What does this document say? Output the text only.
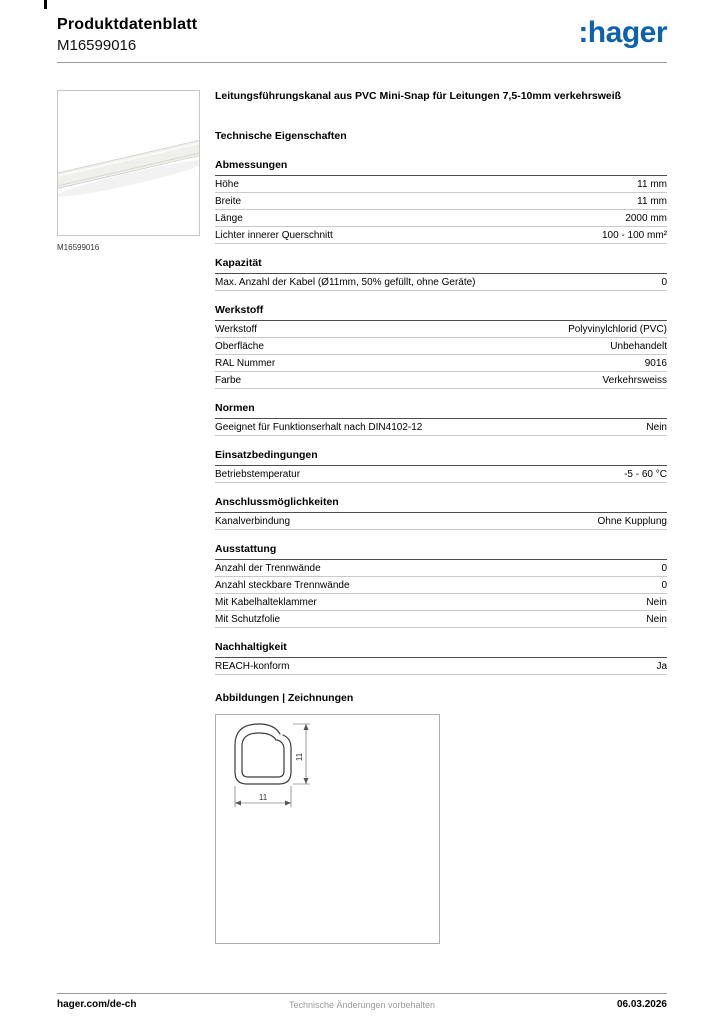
Produktdatenblatt
M16599016	:hager
M16599016
Leitungsführungskanal aus PVC Mini-Snap für Leitungen 7,5-10mm verkehrsweiß
Technische Eigenschaften
Abmessungen
Höhe	11 mm
Breite	11 mm
Länge	2000 mm
Lichter innerer Querschnitt	100 - 100 mm²
Kapazität
Max. Anzahl der Kabel (Ø11mm, 50% gefüllt, ohne Geräte)	0
Werkstoff
Werkstoff	Polyvinylchlorid (PVC)
Oberfläche	Unbehandelt
RAL Nummer	9016
Farbe	Verkehrsweiss
Normen
Geeignet für Funktionserhalt nach DIN4102-12	Nein
Einsatzbedingungen
Betriebstemperatur	-5 - 60 °C
Anschlussmöglichkeiten
Kanalverbindung	Ohne Kupplung
Ausstattung
Anzahl der Trennwände	0
Anzahl steckbare Trennwände	0
Mit Kabelhalteklammer	Nein
Mit Schutzfolie	Nein
Nachhaltigkeit
REACH-konform	Ja
Abbildungen | Zeichnungen
11
11
hager.com/de-ch	Technische Änderungen vorbehalten	06.03.2026
